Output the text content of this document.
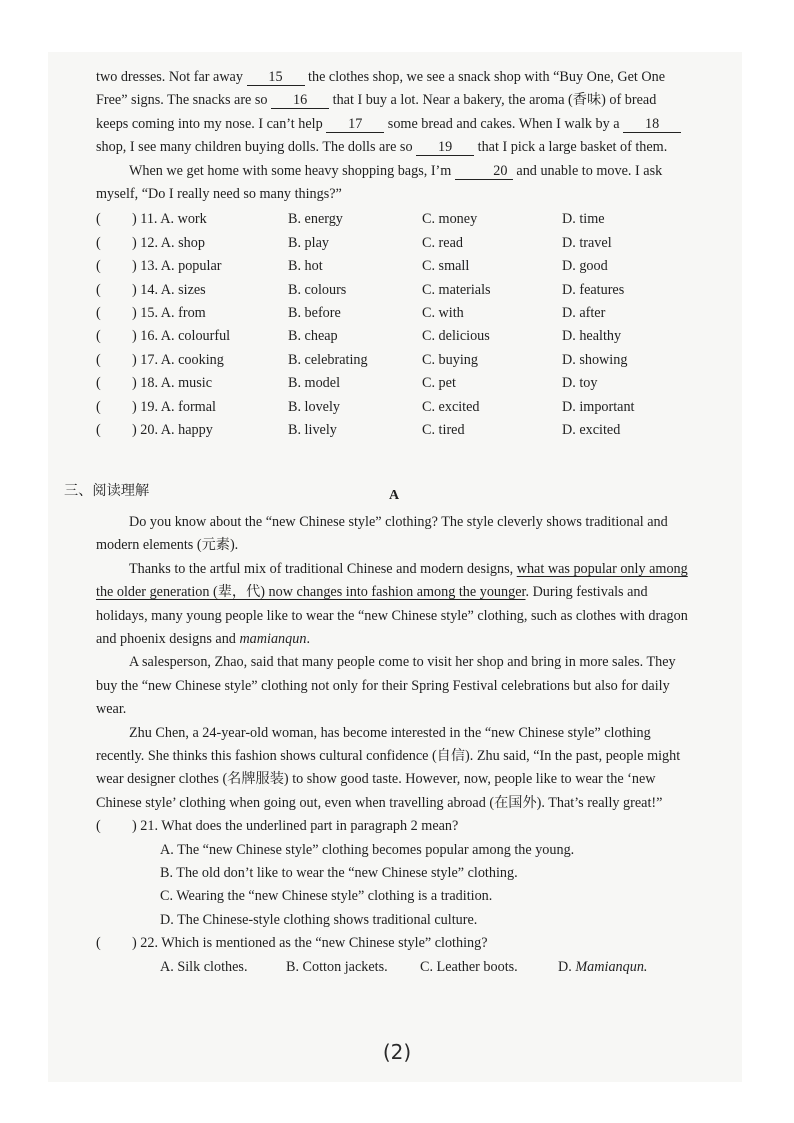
two dresses. Not far away 15 the clothes shop, we see a snack shop with “Buy One, Get One Free” signs. The snacks are so 16 that I buy a lot. Near a bakery, the aroma (香味) of bread keeps coming into my nose. I can’t help 17 some bread and cakes. When I walk by a 18 shop, I see many children buying dolls. The dolls are so 19 that I pick a large basket of them.

When we get home with some heavy shopping bags, I’m	20 and unable to move. I ask myself, “Do I really need so many things?”

(	) 11. A. work	B. energy	C. money	D. time
(	) 12. A. shop	B. play	C. read	D. travel
(	) 13. A. popular	B. hot	C. small	D. good
(	) 14. A. sizes	B. colours	C. materials	D. features
(	) 15. A. from	B. before	C. with	D. after
(	) 16. A. colourful	B. cheap	C. delicious	D. healthy
(	) 17. A. cooking	B. celebrating	C. buying	D. showing
(	) 18. A. music	B. model	C. pet	D. toy
(	) 19. A. formal	B. lovely	C. excited	D. important
(	) 20. A. happy	B. lively	C. tired	D. excited

A

Do you know about the “new Chinese style” clothing? The style cleverly shows traditional and modern elements (元素).

Thanks to the artful mix of traditional Chinese and modern designs, what was popular only among the older generation (辈，代) now changes into fashion among the younger. During festivals and holidays, many young people like to wear the “new Chinese style” clothing, such as clothes with dragon and phoenix designs and mamianqun.

A salesperson, Zhao, said that many people come to visit her shop and bring in more sales. They buy the “new Chinese style” clothing not only for their Spring Festival celebrations but also for daily wear.

Zhu Chen, a 24-year-old woman, has become interested in the “new Chinese style” clothing recently. She thinks this fashion shows cultural confidence (自信). Zhu said, “In the past, people might wear designer clothes (名牌服装) to show good taste. However, now, people like to wear the ‘new Chinese style’ clothing when going out, even when travelling abroad (在国外). That’s really great!”

( ) 21. What does the underlined part in paragraph 2 mean?

A. The “new Chinese style” clothing becomes popular among the young.

B. The old don’t like to wear the “new Chinese style” clothing.

C. Wearing the “new Chinese style” clothing is a tradition.

D. The Chinese-style clothing shows traditional culture.

( ) 22. Which is mentioned as the “new Chinese style” clothing?
A. Silk clothes.	B. Cotton jackets. C. Leather boots.	D. Mamianqun.
三、阅读理解
(2)
